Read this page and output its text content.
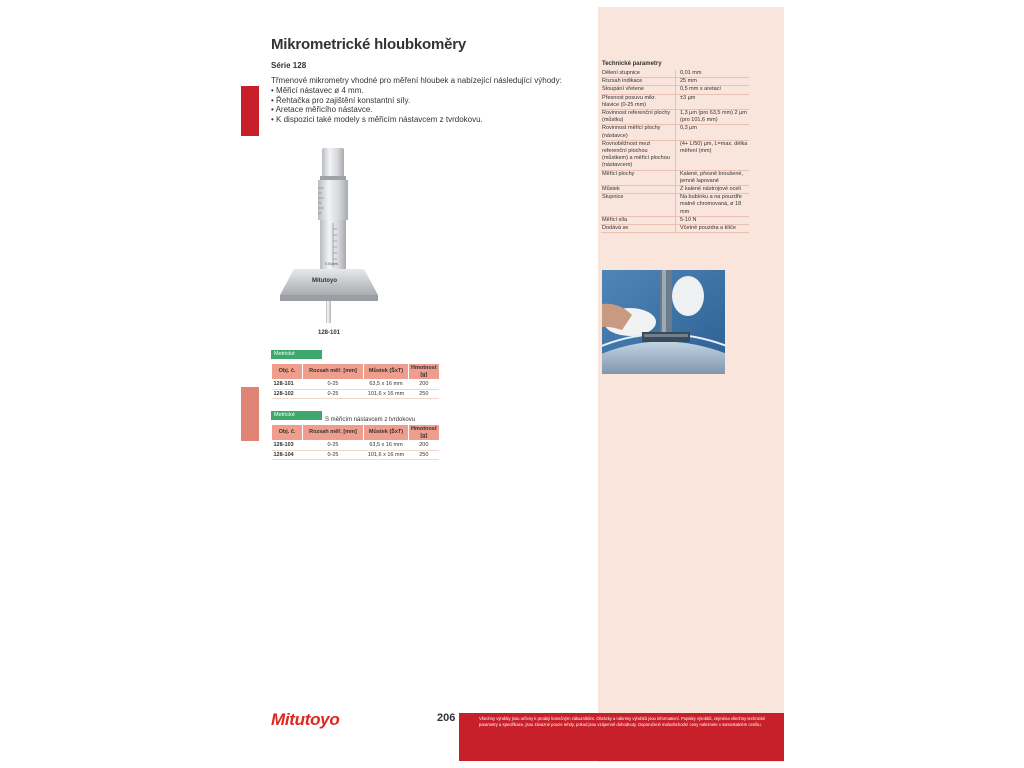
Mikrometrické hloubkoměry
Série 128
Třmenové mikrometry vhodné pro měření hloubek a nabízející následující výhody:
• Měřicí nástavec ø 4 mm.
• Řehtačka pro zajištění konstantní síly.
• Aretace měřicího nástavce.
• K dispozici také modely s měřicím nástavcem z tvrdokovu.
Mitutoyo
0.01mm
128-101
Metrické
Obj. č.	Rozsah měř. [mm]	Můstek (ŠxT)	Hmotnost [g]
128-101	0-25	63,5 x 16 mm	200
128-102	0-25	101,6 x 16 mm	250
Metrické
S měřicím nástavcem z tvrdokovu
Obj. č.	Rozsah měř. [mm]	Můstek (ŠxT)	Hmotnost [g]
128-103	0-25	63,5 x 16 mm	200
128-104	0-25	101,6 x 16 mm	250
Technické parametry
Dělení stupnice	0,01 mm
Rozsah indikace	25 mm
Stoupání vřetene	0,5 mm s aretací
Přesnost posuvu mikr. hlavice (0-25 mm)	±3 µm
Rovinnost referenční plochy (můstku)	1,3 µm (pro 63,5 mm) 2 µm (pro 101,6 mm)
Rovinnost měřicí plochy (nástavce)	0,3 µm
Rovnoběžnost mezi referenční plochou (můstkem) a měřicí plochou (nástavcem)	(4+ L/50) µm, L=max. délka měření (mm)
Měřicí plochy	Kalené, přesně broušené, jemně lapované
Můstek	Z kalené nástrojové oceli
Stupnice	Na bubínku a na pouzdře matně chromovaná, ø 18 mm
Měřicí síla	5-10 N
Dodává se	Včetně pouzdra a klíče
Mitutoyo	206	Všechny výrobky jsou určeny k prodeji konečným zákazníkům. Obrázky a nákresy výrobků jsou informativní. Popisky výrobků, zejména všechny technické parametry a specifikace, jsou závazné pouze tehdy, pokud jsou vzájemně dohodnuty. Doporučené maloobchodní ceny naleznete v samostatném ceníku.
